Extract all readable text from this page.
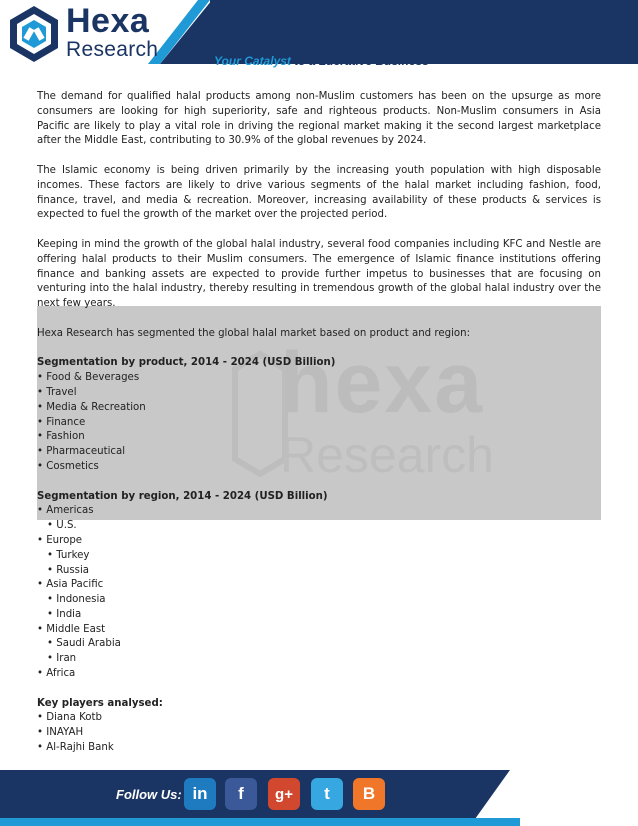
Hexa
Research	Your Catalyst to a Lucrative Business
hexa
Research

The demand for qualified halal products among non-Muslim customers has been on the upsurge as more consumers are looking for high superiority, safe and righteous products. Non-Muslim consumers in Asia Pacific are likely to play a vital role in driving the regional market making it the second largest marketplace after the Middle East, contributing to 30.9% of the global revenues by 2024.

The Islamic economy is being driven primarily by the increasing youth population with high disposable incomes. These factors are likely to drive various segments of the halal market including fashion, food, finance, travel, and media & recreation. Moreover, increasing availability of these products & services is expected to fuel the growth of the market over the projected period.

Keeping in mind the growth of the global halal industry, several food companies including KFC and Nestle are offering halal products to their Muslim consumers. The emergence of Islamic finance institutions offering finance and banking assets are expected to provide further impetus to businesses that are focusing on venturing into the halal industry, thereby resulting in tremendous growth of the global halal industry over the next few years.

Hexa Research has segmented the global halal market based on product and region:

Segmentation by product, 2014 - 2024 (USD Billion)
• Food & Beverages
• Travel
• Media & Recreation
• Finance
• Fashion
• Pharmaceutical
• Cosmetics
Segmentation by region, 2014 - 2024 (USD Billion)
• Americas
• U.S.
• Europe
• Turkey
• Russia
• Asia Pacific
• Indonesia
• India
• Middle East
• Saudi Arabia
• Iran
• Africa
Key players analysed:
• Diana Kotb
• INAYAH
• Al-Rajhi Bank
Follow Us: in	f	g+	t	B
